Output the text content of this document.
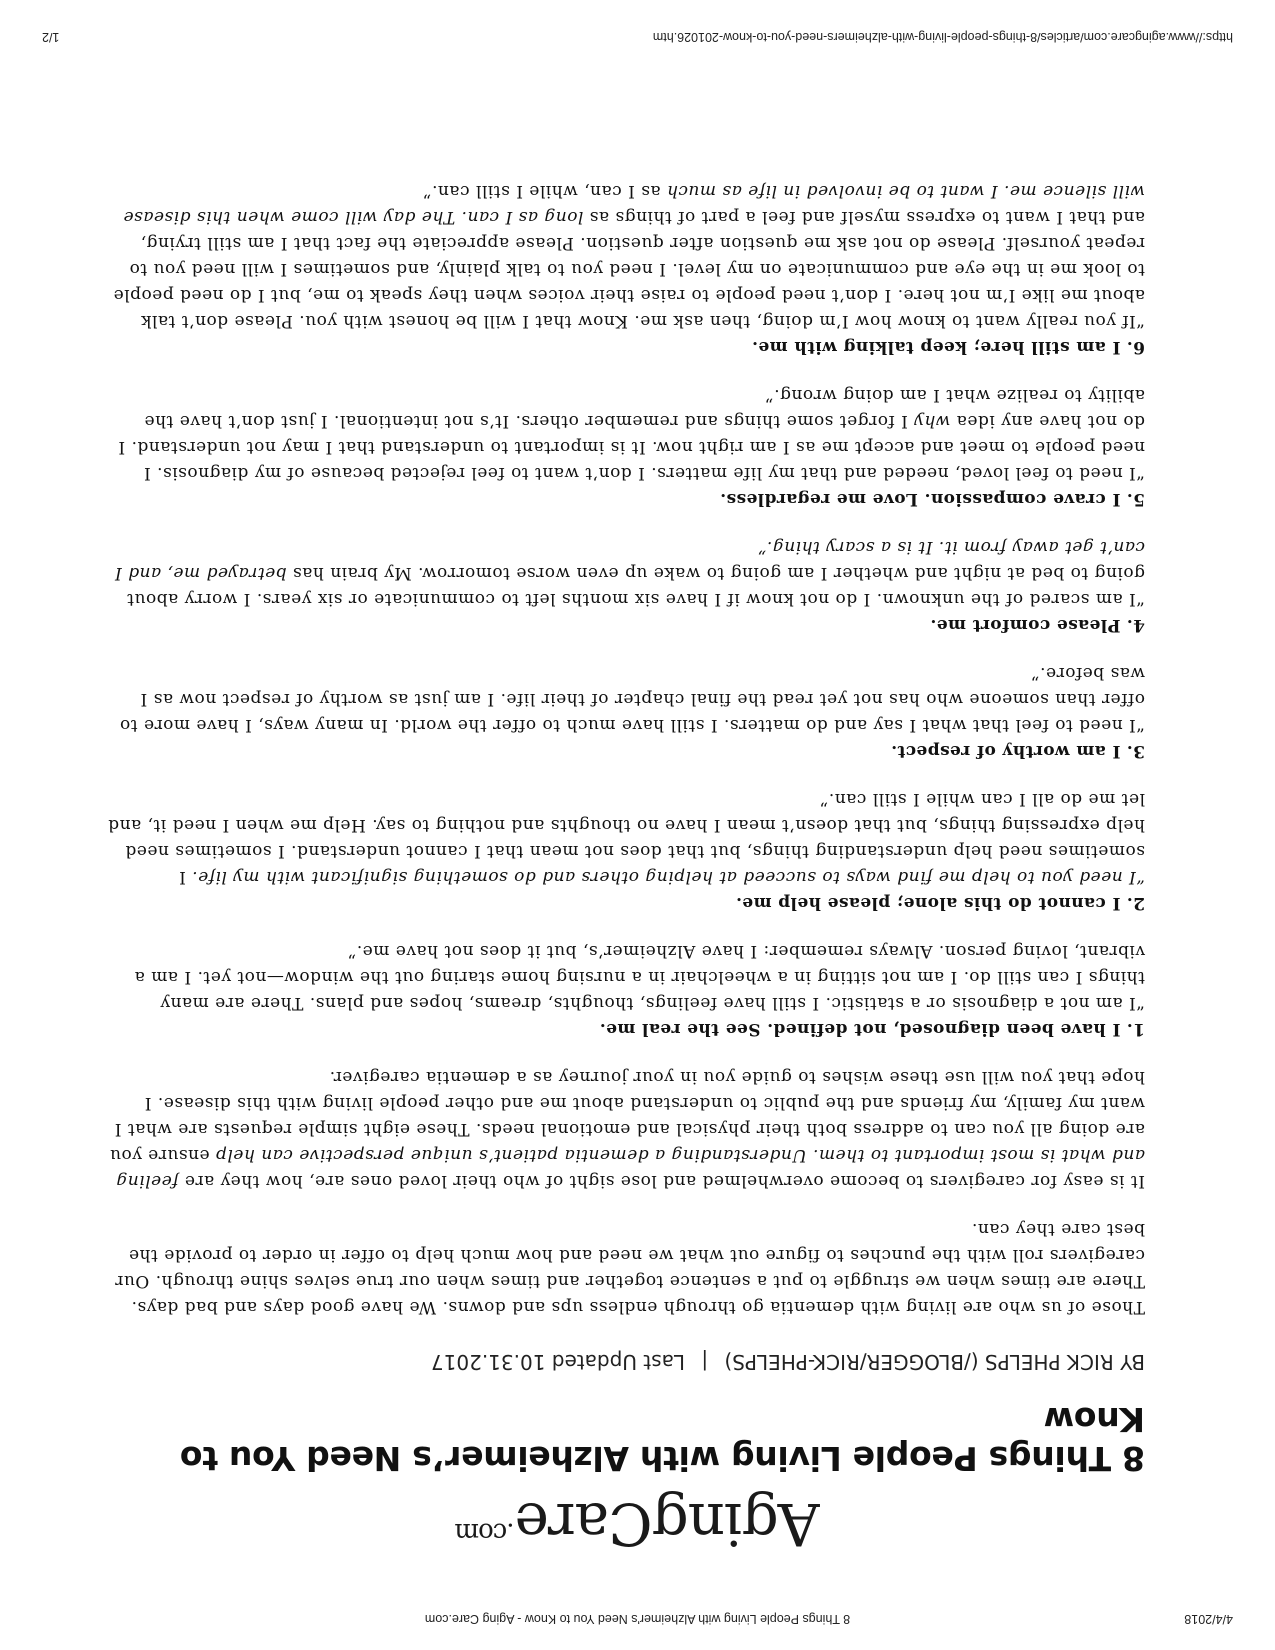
4/4/2018
8 Things People Living with Alzheimer's Need You to Know - Aging Care.com
AgingCare$^{.com}$
8 Things People Living with Alzheimer’s Need You to Know
BY RICK PHELPS (/BLOGGER/RICK-PHELPS) | Last Updated 10.31.2017

Those of us who are living with dementia go through endless ups and downs. We have good days and bad days. There are times when we struggle to put a sentence together and times when our true selves shine through. Our caregivers roll with the punches to figure out what we need and how much help to offer in order to provide the best care they can.

It is easy for caregivers to become overwhelmed and lose sight of who their loved ones are, how they are feeling and what is most important to them. Understanding a dementia patient’s unique perspective can help ensure you are doing all you can to address both their physical and emotional needs. These eight simple requests are what I want my family, my friends and the public to understand about me and other people living with this disease. I hope that you will use these wishes to guide you in your journey as a dementia caregiver.

1.I have been diagnosed, not defined. See the real me.
“I am not a diagnosis or a statistic. I still have feelings, thoughts, dreams, hopes and plans. There are many things I can still do. I am not sitting in a wheelchair in a nursing home staring out the window—not yet. I am a vibrant, loving person. Always remember: I have Alzheimer’s, but it does not have me.”
2.I cannot do this alone; please help me.
“I need you to help me find ways to succeed at helping others and do something significant with my life. I sometimes need help understanding things, but that does not mean that I cannot understand. I sometimes need help expressing things, but that doesn’t mean I have no thoughts and nothing to say. Help me when I need it, and let me do all I can while I still can.”
3.I am worthy of respect.
“I need to feel that what I say and do matters. I still have much to offer the world. In many ways, I have more to offer than someone who has not yet read the final chapter of their life. I am just as worthy of respect now as I was before.”
4.Please comfort me.
“I am scared of the unknown. I do not know if I have six months left to communicate or six years. I worry about going to bed at night and whether I am going to wake up even worse tomorrow. My brain has betrayed me, and I can’t get away from it. It is a scary thing.”
5.I crave compassion. Love me regardless.
“I need to feel loved, needed and that my life matters. I don’t want to feel rejected because of my diagnosis. I need people to meet and accept me as I am right now. It is important to understand that I may not understand. I do not have any idea why I forget some things and remember others. It’s not intentional. I just don’t have the ability to realize what I am doing wrong.”
6.I am still here; keep talking with me.
“If you really want to know how I’m doing, then ask me. Know that I will be honest with you. Please don’t talk about me like I’m not here. I don’t need people to raise their voices when they speak to me, but I do need people to look me in the eye and communicate on my level. I need you to talk plainly, and sometimes I will need you to repeat yourself. Please do not ask me question after question. Please appreciate the fact that I am still trying, and that I want to express myself and feel a part of things as long as I can. The day will come when this disease will silence me. I want to be involved in life as much as I can, while I still can.”
https://www.agingcare.com/articles/8-things-people-living-with-alzheimers-need-you-to-know-201026.htm
1/2
